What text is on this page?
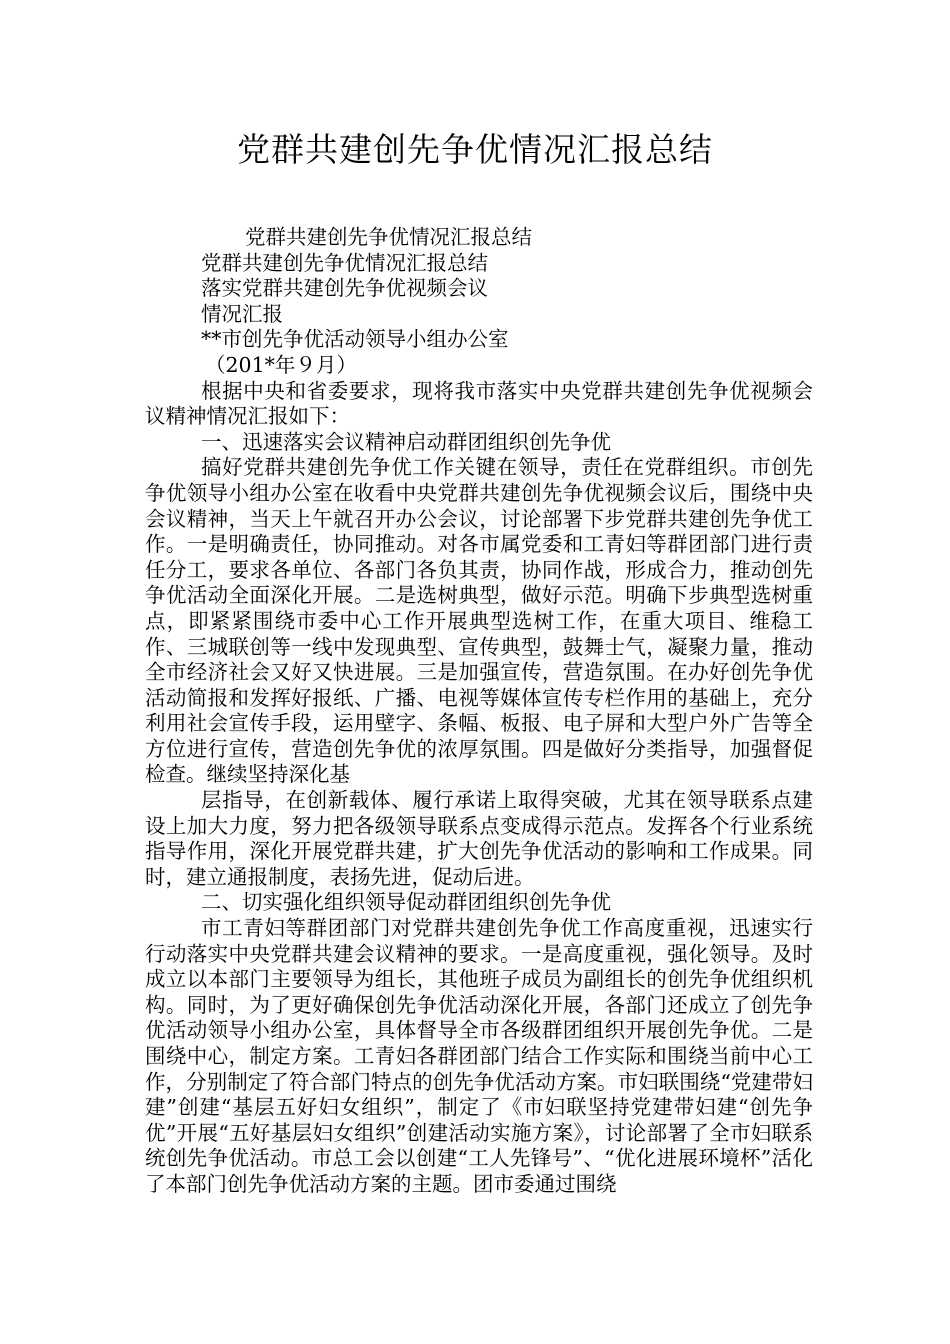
党群共建创先争优情况汇报总结

党群共建创先争优情况汇报总结

党群共建创先争优情况汇报总结

落实党群共建创先争优视频会议

情况汇报

**市创先争优活动领导小组办公室

（201*年９月）

根据中央和省委要求，现将我市落实中央党群共建创先争优视频会议精神情况汇报如下：

一、迅速落实会议精神启动群团组织创先争优

搞好党群共建创先争优工作关键在领导，责任在党群组织。市创先争优领导小组办公室在收看中央党群共建创先争优视频会议后，围绕中央会议精神，当天上午就召开办公会议，讨论部署下步党群共建创先争优工作。一是明确责任，协同推动。对各市属党委和工青妇等群团部门进行责任分工，要求各单位、各部门各负其责，协同作战，形成合力，推动创先争优活动全面深化开展。二是选树典型，做好示范。明确下步典型选树重点，即紧紧围绕市委中心工作开展典型选树工作，在重大项目、维稳工作、三城联创等一线中发现典型、宣传典型，鼓舞士气，凝聚力量，推动全市经济社会又好又快进展。三是加强宣传，营造氛围。在办好创先争优活动简报和发挥好报纸、广播、电视等媒体宣传专栏作用的基础上，充分利用社会宣传手段，运用壁字、条幅、板报、电子屏和大型户外广告等全方位进行宣传，营造创先争优的浓厚氛围。四是做好分类指导，加强督促检查。继续坚持深化基

层指导，在创新载体、履行承诺上取得突破，尤其在领导联系点建设上加大力度，努力把各级领导联系点变成得示范点。发挥各个行业系统指导作用，深化开展党群共建，扩大创先争优活动的影响和工作成果。同时，建立通报制度，表扬先进，促动后进。

二、切实强化组织领导促动群团组织创先争优

市工青妇等群团部门对党群共建创先争优工作高度重视，迅速实行行动落实中央党群共建会议精神的要求。一是高度重视，强化领导。及时成立以本部门主要领导为组长，其他班子成员为副组长的创先争优组织机构。同时，为了更好确保创先争优活动深化开展，各部门还成立了创先争优活动领导小组办公室，具体督导全市各级群团组织开展创先争优。二是围绕中心，制定方案。工青妇各群团部门结合工作实际和围绕当前中心工作，分别制定了符合部门特点的创先争优活动方案。市妇联围绕“党建带妇建”创建“基层五好妇女组织”，制定了《市妇联坚持党建带妇建“创先争优”开展“五好基层妇女组织”创建活动实施方案》，讨论部署了全市妇联系统创先争优活动。市总工会以创建“工人先锋号”、“优化进展环境杯”活化了本部门创先争优活动方案的主题。团市委通过围绕
